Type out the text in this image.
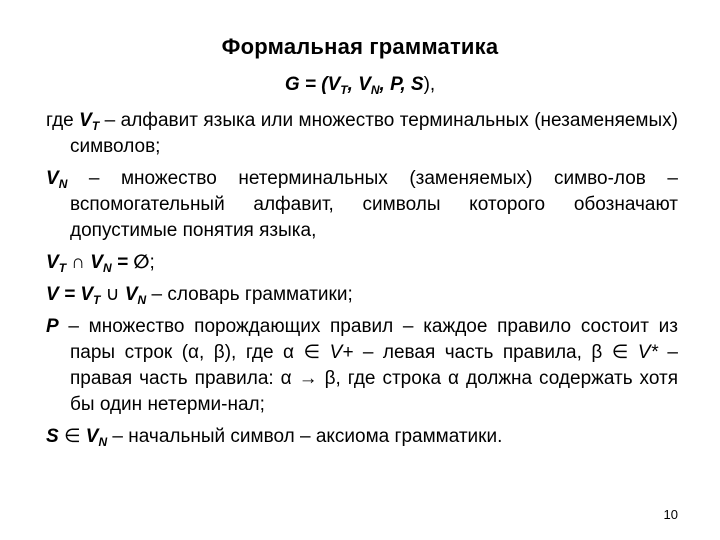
Формальная грамматика
$G = (V_T$, $V_N$, P, S),
где $V_T$ – алфавит языка или множество терминальных (незаменяемых) символов;
$V_N$ – множество нетерминальных (заменяемых) симво-лов – вспомогательный алфавит, символы которого обозначают допустимые понятия языка,
$V_T$ ∩ $V_N$ = ∅;
$V = V_T$ ∪ $V_N$ – словарь грамматики;
P – множество порождающих правил – каждое правило состоит из пары строк (α, β), где α ∈ V+ – левая часть правила, β ∈ V* – правая часть правила: α → β, где строка α должна содержать хотя бы один нетерми-нал;
S ∈ $V_N$ – начальный символ – аксиома грамматики.
10
